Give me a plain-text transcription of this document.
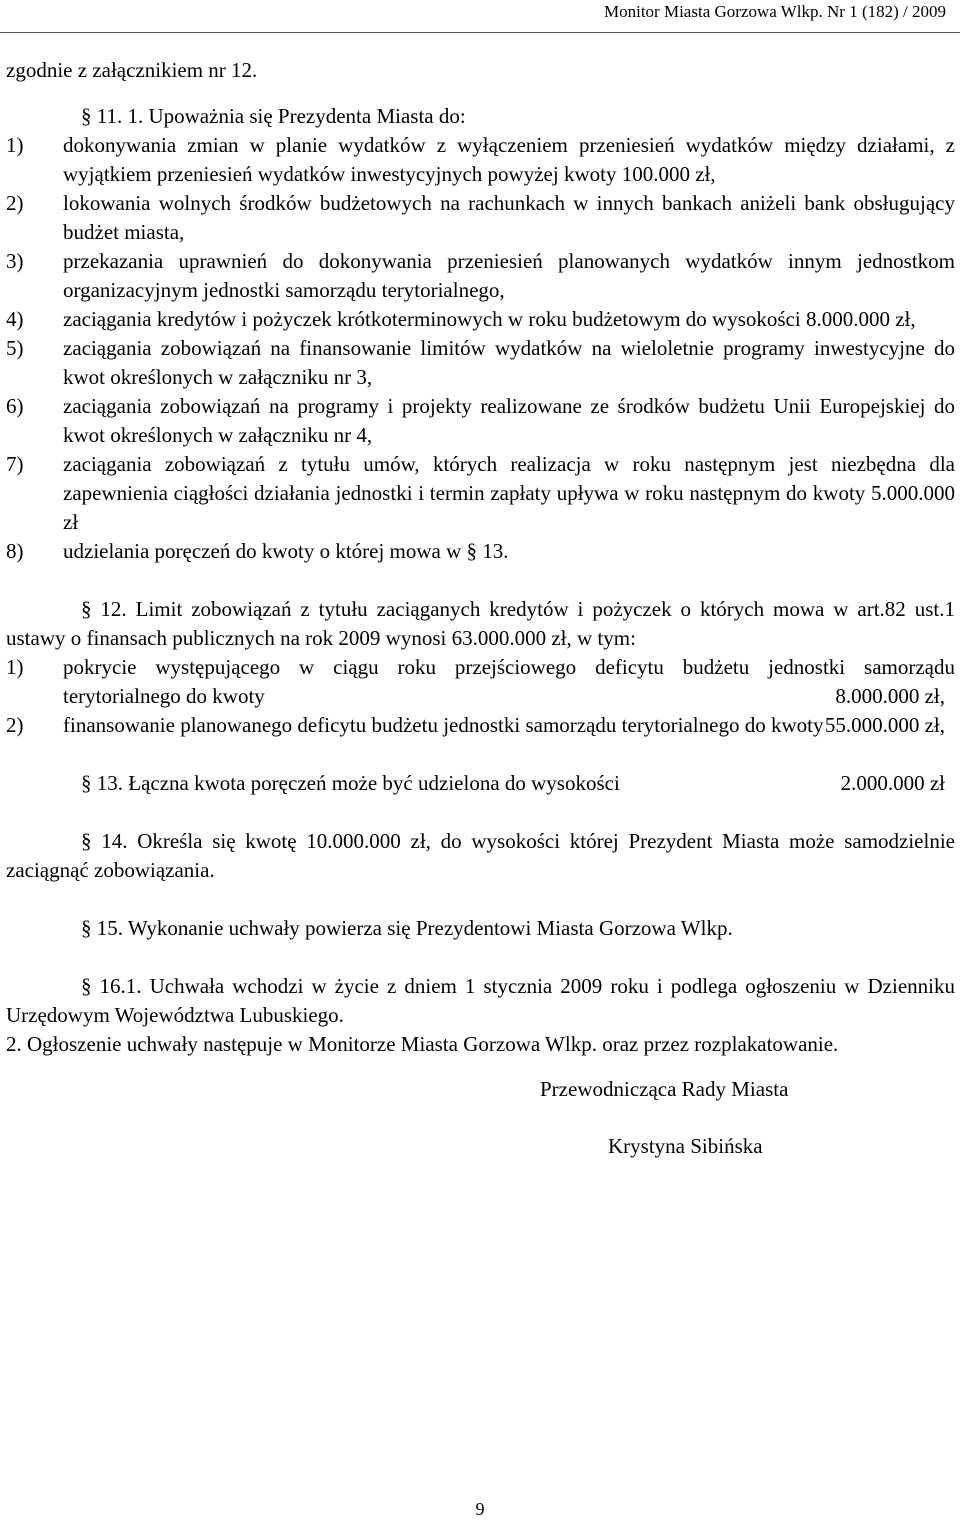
Monitor Miasta Gorzowa Wlkp. Nr 1 (182) / 2009

zgodnie z załącznikiem nr 12.

§ 11. 1. Upoważnia się Prezydenta Miasta do:

1)	dokonywania zmian w planie wydatków z wyłączeniem przeniesień wydatków między działami, z wyjątkiem przeniesień wydatków inwestycyjnych powyżej kwoty 100.000 zł,
2)	lokowania wolnych środków budżetowych na rachunkach w innych bankach aniżeli bank obsługujący budżet miasta,
3)	przekazania uprawnień do dokonywania przeniesień planowanych wydatków innym jednostkom organizacyjnym jednostki samorządu terytorialnego,
4)	zaciągania kredytów i pożyczek krótkoterminowych w roku budżetowym do wysokości 8.000.000 zł,
5)	zaciągania zobowiązań na finansowanie limitów wydatków na wieloletnie programy inwestycyjne do kwot określonych w załączniku nr 3,
6)	zaciągania zobowiązań na programy i projekty realizowane ze środków budżetu Unii Europejskiej do kwot określonych w załączniku nr 4,
7)	zaciągania zobowiązań z tytułu umów, których realizacja w roku następnym jest niezbędna dla zapewnienia ciągłości działania jednostki i termin zapłaty upływa w roku następnym do kwoty 5.000.000 zł
8)	udzielania poręczeń do kwoty o której mowa w § 13.

§ 12. Limit zobowiązań z tytułu zaciąganych kredytów i pożyczek o których mowa w art.82 ust.1 ustawy o finansach publicznych na rok 2009 wynosi 63.000.000 zł, w tym:

1)	pokrycie występującego w ciągu roku przejściowego deficytu budżetu jednostki samorządu terytorialnego do kwoty	8.000.000 zł,
2)	finansowanie planowanego deficytu budżetu jednostki samorządu terytorialnego do kwoty 55.000.000 zł,
§ 13. Łączna kwota poręczeń może być udzielona do wysokości	2.000.000 zł

§ 14. Określa się kwotę 10.000.000 zł, do wysokości której Prezydent Miasta może samodzielnie zaciągnąć zobowiązania.

§ 15. Wykonanie uchwały powierza się Prezydentowi Miasta Gorzowa Wlkp.

§ 16.1. Uchwała wchodzi w życie z dniem 1 stycznia 2009 roku i podlega ogłoszeniu w Dzienniku Urzędowym Województwa Lubuskiego.

2. Ogłoszenie uchwały następuje w Monitorze Miasta Gorzowa Wlkp. oraz przez rozplakatowanie.

Przewodnicząca Rady Miasta

Krystyna Sibińska

9
